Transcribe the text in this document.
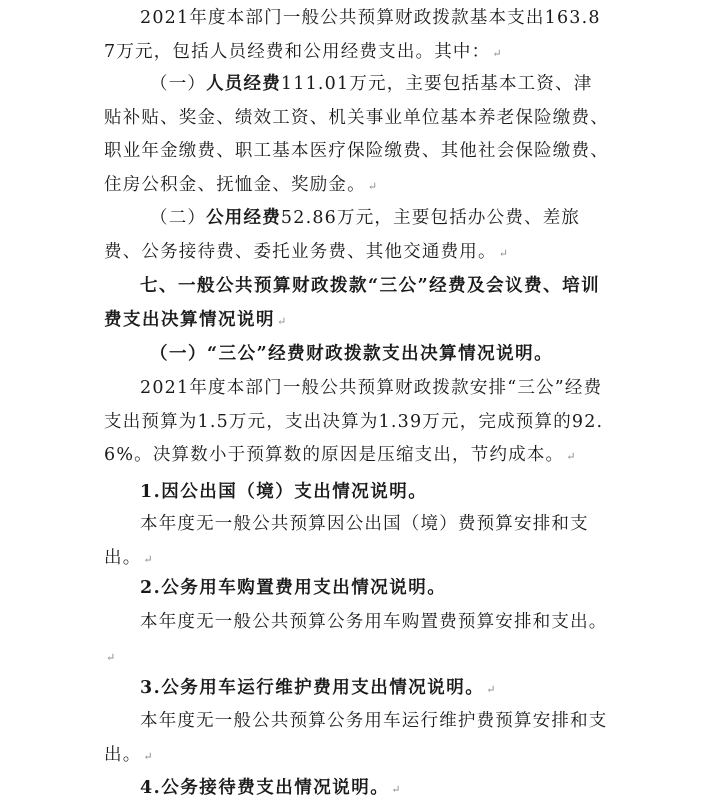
2021年度本部门一般公共预算财政拨款基本支出163.87万元，包括人员经费和公用经费支出。其中： ↵

（一）人员经费111.01万元，主要包括基本工资、津贴补贴、奖金、绩效工资、机关事业单位基本养老保险缴费、职业年金缴费、职工基本医疗保险缴费、其他社会保险缴费、住房公积金、抚恤金、奖励金。 ↵

（二）公用经费52.86万元，主要包括办公费、差旅费、公务接待费、委托业务费、其他交通费用。 ↵

七、一般公共预算财政拨款“三公”经费及会议费、培训费支出决算情况说明 ↵

（一）“三公”经费财政拨款支出决算情况说明。

2021年度本部门一般公共预算财政拨款安排“三公”经费支出预算为1.5万元，支出决算为1.39万元，完成预算的92.6%。决算数小于预算数的原因是压缩支出，节约成本。 ↵

1.因公出国（境）支出情况说明。

本年度无一般公共预算因公出国（境）费预算安排和支出。 ↵

2.公务用车购置费用支出情况说明。

本年度无一般公共预算公务用车购置费预算安排和支出。↵

3.公务用车运行维护费用支出情况说明。 ↵

本年度无一般公共预算公务用车运行维护费预算安排和支出。 ↵

4.公务接待费支出情况说明。 ↵
